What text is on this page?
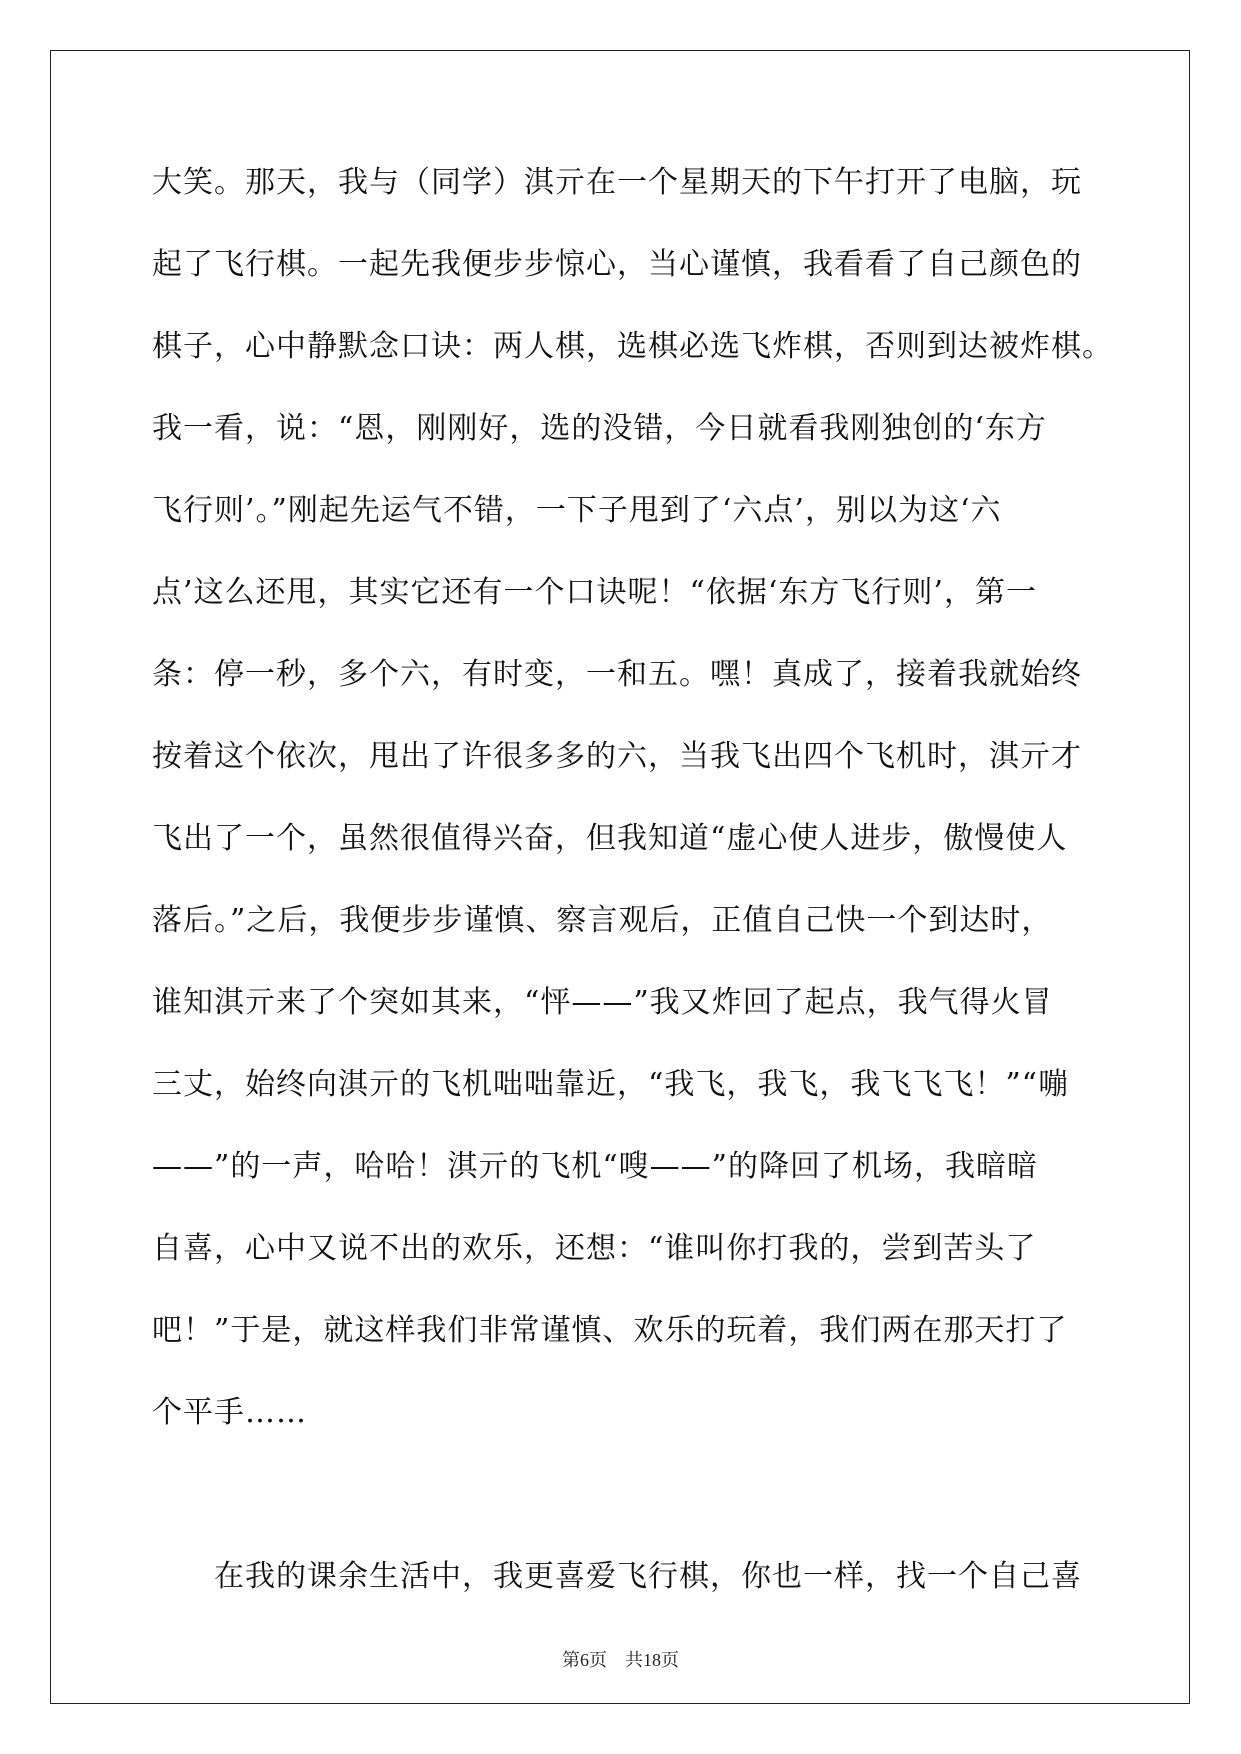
大笑。那天，我与（同学）淇亓在一个星期天的下午打开了电脑，玩
起了飞行棋。一起先我便步步惊心，当心谨慎，我看看了自己颜色的
棋子，心中静默念口诀：两人棋，选棋必选飞炸棋，否则到达被炸棋。
我一看，说：“恩，刚刚好，选的没错，今日就看我刚独创的‘东方
飞行则’。”刚起先运气不错，一下子甩到了‘六点’，别以为这‘六
点’这么还甩，其实它还有一个口诀呢！“依据‘东方飞行则’，第一
条：停一秒，多个六，有时变，一和五。嘿！真成了，接着我就始终
按着这个依次，甩出了许很多多的六，当我飞出四个飞机时，淇亓才
飞出了一个，虽然很值得兴奋，但我知道“虚心使人进步，傲慢使人
落后。”之后，我便步步谨慎、察言观后，正值自己快一个到达时，
谁知淇亓来了个突如其来，“怦——”我又炸回了起点，我气得火冒
三丈，始终向淇亓的飞机咄咄靠近，“我飞，我飞，我飞飞飞！”“嘣
——”的一声，哈哈！淇亓的飞机“嗖——”的降回了机场，我暗暗
自喜，心中又说不出的欢乐，还想：“谁叫你打我的，尝到苦头了
吧！”于是，就这样我们非常谨慎、欢乐的玩着，我们两在那天打了
个平手……
　　在我的课余生活中，我更喜爱飞行棋，你也一样，找一个自己喜
第6页　共18页
